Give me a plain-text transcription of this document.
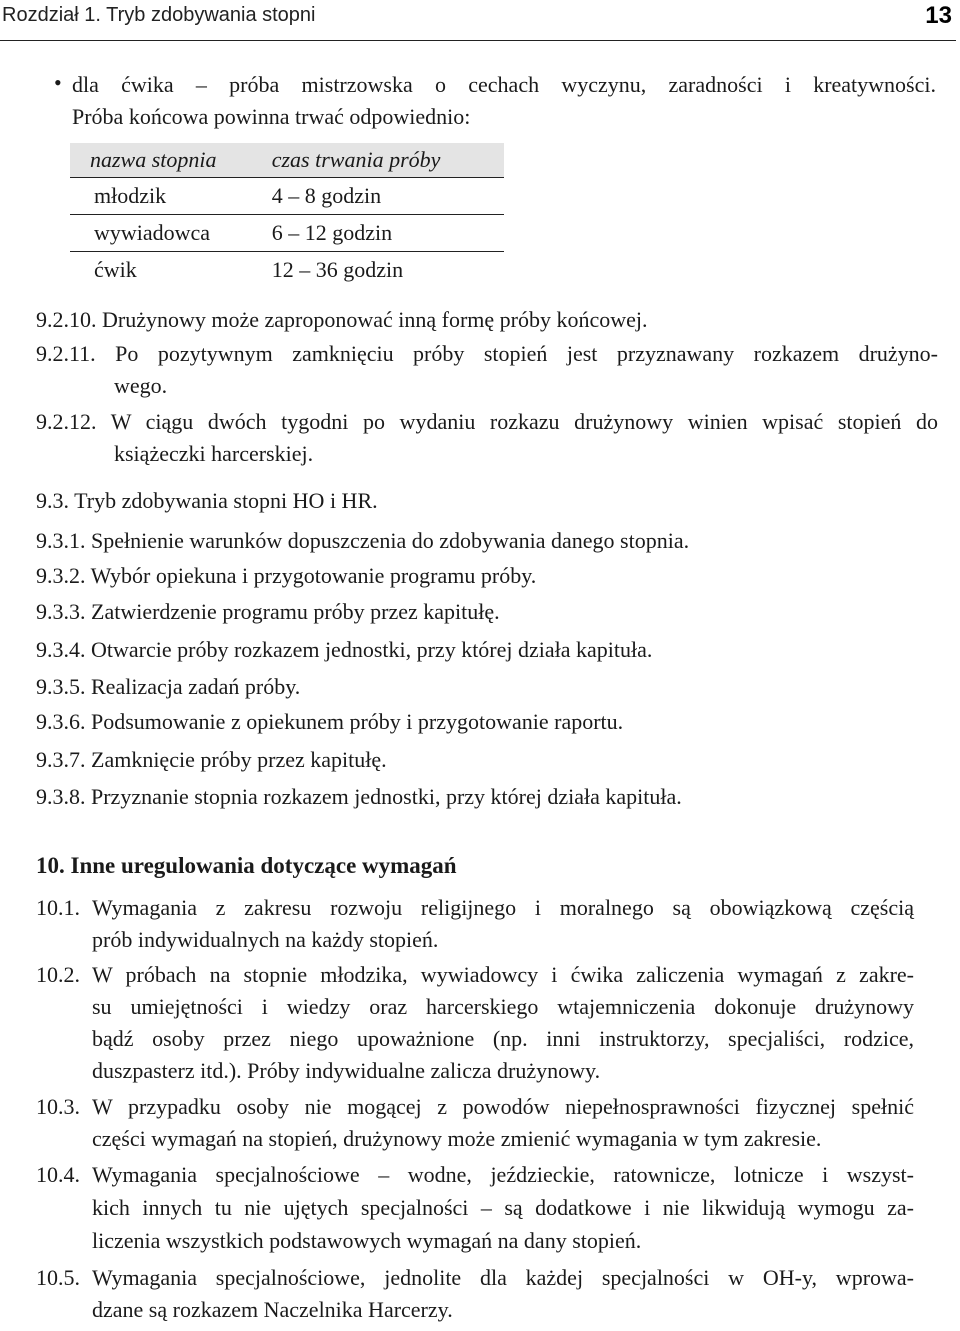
Rozdział 1. Tryb zdobywania stopni	13
• dla ćwika – próba mistrzowska o cechach wyczynu, zaradności i kreatywności.
Próba końcowa powinna trwać odpowiednio:
nazwa stopnia	czas trwania próby
młodzik	4 – 8 godzin
wywiadowca	6 – 12 godzin
ćwik	12 – 36 godzin
9.2.10. Drużynowy może zaproponować inną formę próby końcowej.
9.2.11. Po pozytywnym zamknięciu próby stopień jest przyznawany rozkazem drużyno-
wego.
9.2.12. W ciągu dwóch tygodni po wydaniu rozkazu drużynowy winien wpisać stopień do
książeczki harcerskiej.
9.3. Tryb zdobywania stopni HO i HR.
9.3.1. Spełnienie warunków dopuszczenia do zdobywania danego stopnia.
9.3.2. Wybór opiekuna i przygotowanie programu próby.
9.3.3. Zatwierdzenie programu próby przez kapitułę.
9.3.4. Otwarcie próby rozkazem jednostki, przy której działa kapituła.
9.3.5. Realizacja zadań próby.
9.3.6. Podsumowanie z opiekunem próby i przygotowanie raportu.
9.3.7. Zamknięcie próby przez kapitułę.
9.3.8. Przyznanie stopnia rozkazem jednostki, przy której działa kapituła.
10. Inne uregulowania dotyczące wymagań
10.1. Wymagania z zakresu rozwoju religijnego i moralnego są obowiązkową częścią
prób indywidualnych na każdy stopień.
10.2. W próbach na stopnie młodzika, wywiadowcy i ćwika zaliczenia wymagań z zakre-
su umiejętności i wiedzy oraz harcerskiego wtajemniczenia dokonuje drużynowy
bądź osoby przez niego upoważnione (np. inni instruktorzy, specjaliści, rodzice,
duszpasterz itd.). Próby indywidualne zalicza drużynowy.
10.3. W przypadku osoby nie mogącej z powodów niepełnosprawności fizycznej spełnić
części wymagań na stopień, drużynowy może zmienić wymagania w tym zakresie.
10.4. Wymagania specjalnościowe – wodne, jeździeckie, ratownicze, lotnicze i wszyst-
kich innych tu nie ujętych specjalności – są dodatkowe i nie likwidują wymogu za-
liczenia wszystkich podstawowych wymagań na dany stopień.
10.5. Wymagania specjalnościowe, jednolite dla każdej specjalności w OH-y, wprowa-
dzane są rozkazem Naczelnika Harcerzy.
